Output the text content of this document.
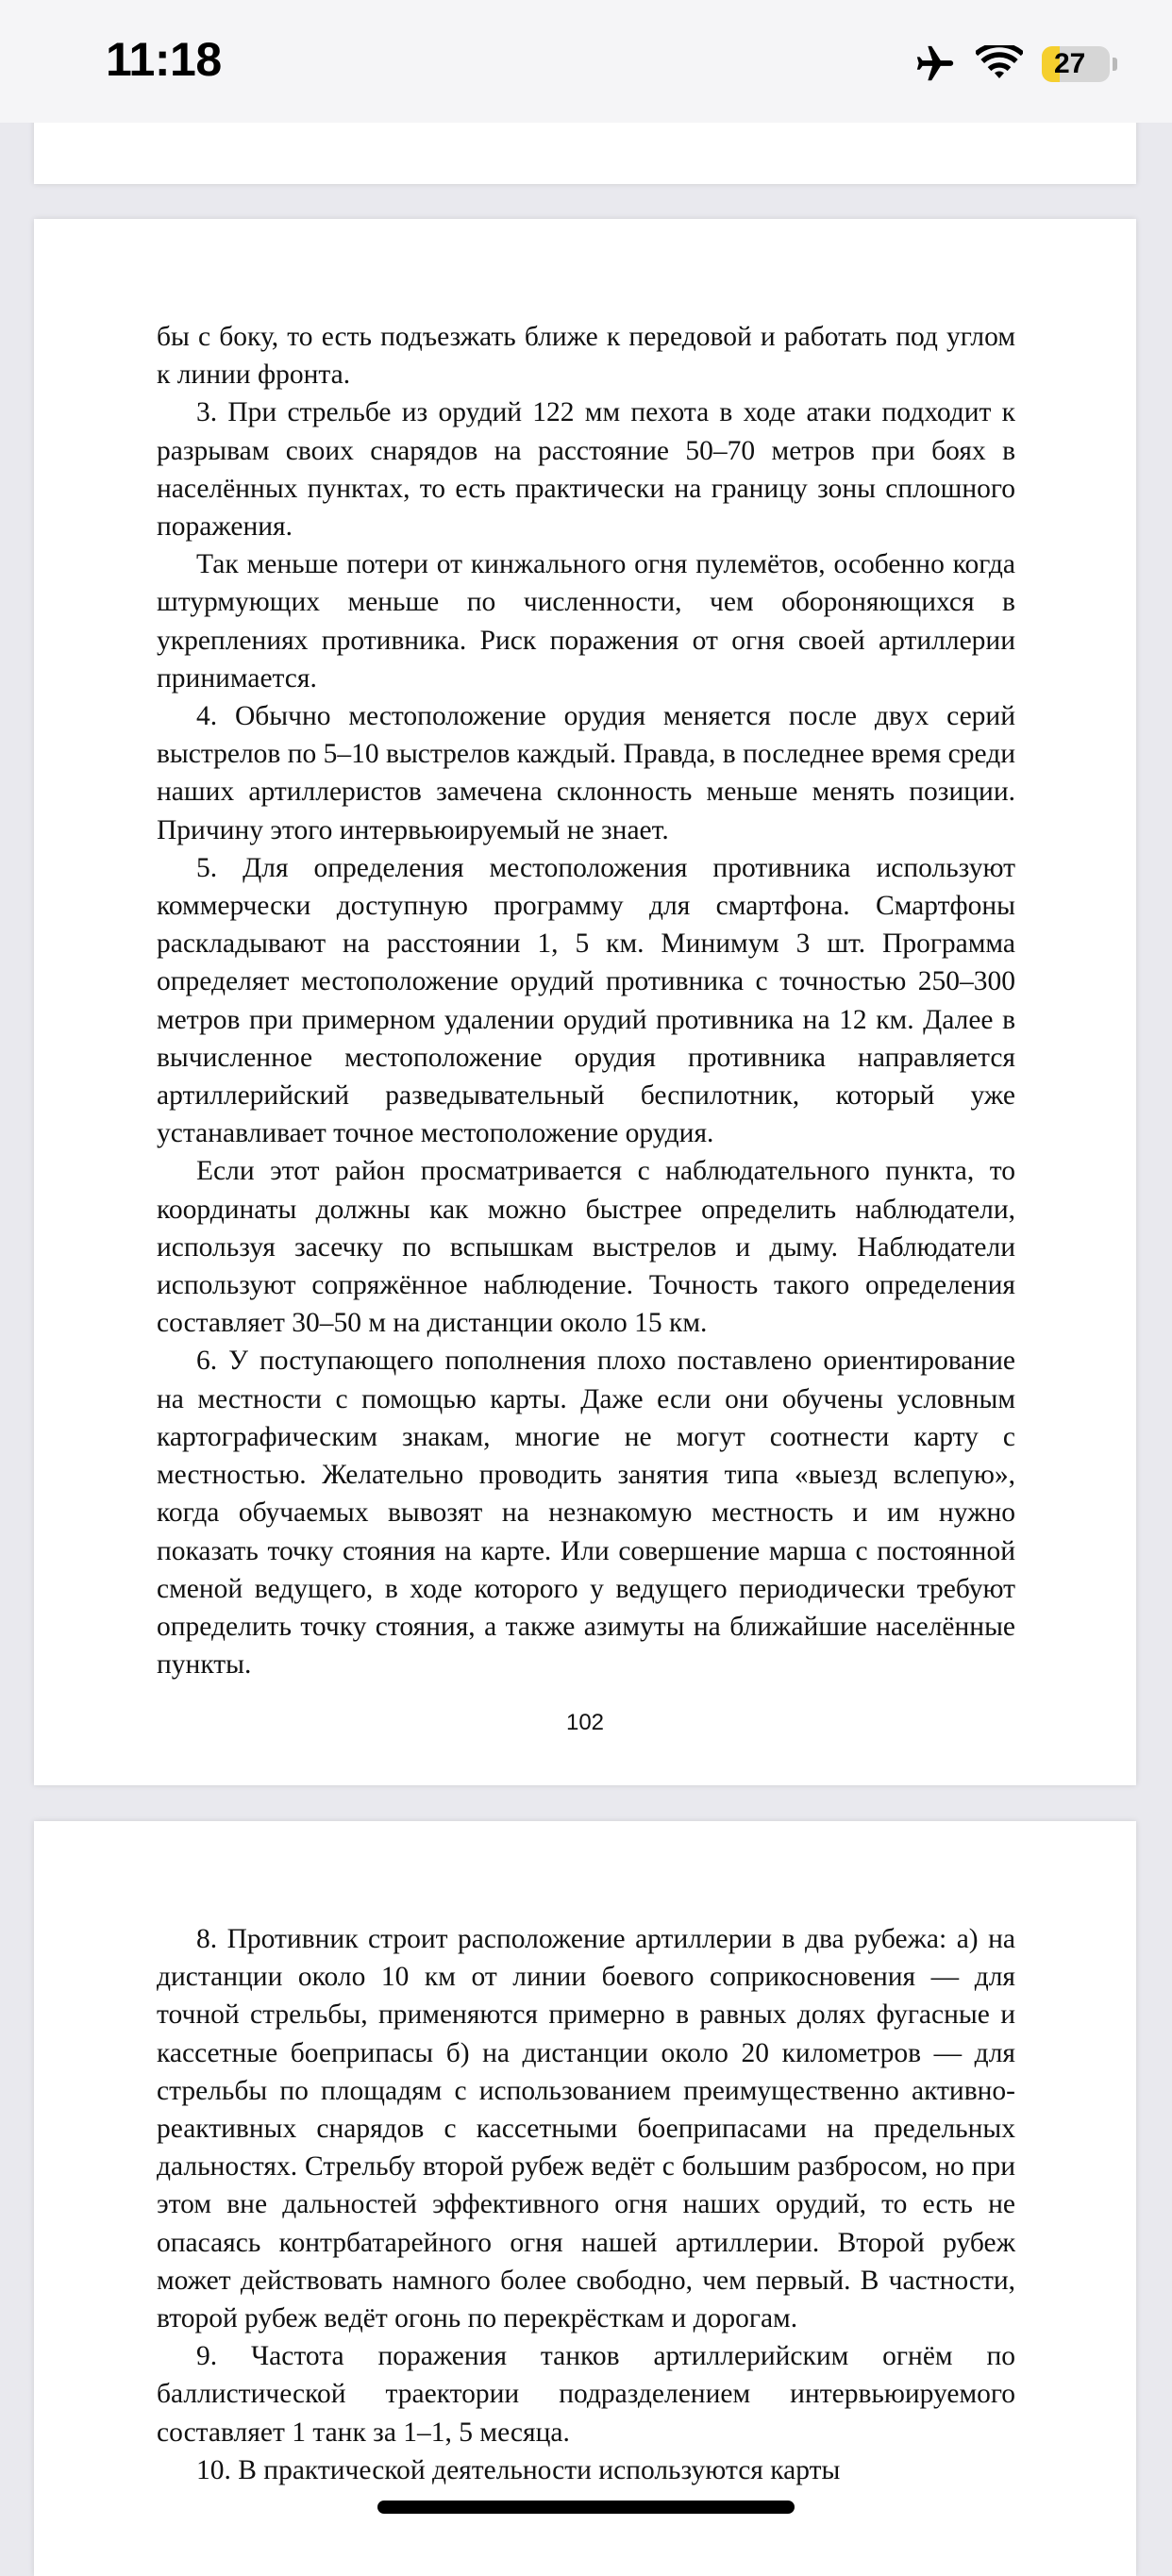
11:18	27

бы с боку, то есть подъезжать ближе к передовой и работать под углом к линии фронта.

3. При стрельбе из орудий 122 мм пехота в ходе атаки подходит к разрывам своих снарядов на расстояние 50–70 метров при боях в населённых пунктах, то есть практически на границу зоны сплошного поражения.

Так меньше потери от кинжального огня пулемётов, особенно когда штурмующих меньше по численности, чем обороняющихся в укреплениях противника. Риск поражения от огня своей артиллерии принимается.

4. Обычно местоположение орудия меняется после двух серий выстрелов по 5–10 выстрелов каждый. Правда, в последнее время среди наших артиллеристов замечена склонность меньше менять позиции. Причину этого интервьюируемый не знает.

5. Для определения местоположения противника используют коммерчески доступную программу для смартфона. Смартфоны раскладывают на расстоянии 1, 5 км. Минимум 3 шт. Программа определяет местоположение орудий противника с точностью 250–300 метров при примерном удалении орудий противника на 12 км. Далее в вычисленное местоположение орудия противника направляется артиллерийский разведывательный беспилотник, который уже устанавливает точное местоположение орудия.

Если этот район просматривается с наблюдательного пункта, то координаты должны как можно быстрее определить наблюдатели, используя засечку по вспышкам выстрелов и дыму. Наблюдатели используют сопряжённое наблюдение. Точность такого определения составляет 30–50 м на дистанции около 15 км.

6. У поступающего пополнения плохо поставлено ориентирование на местности с помощью карты. Даже если они обучены условным картографическим знакам, многие не могут соотнести карту с местностью. Желательно проводить занятия типа «выезд вслепую», когда обучаемых вывозят на незнакомую местность и им нужно показать точку стояния на карте. Или совершение марша с постоянной сменой ведущего, в ходе которого у ведущего периодически требуют определить точку стояния, а также азимуты на ближайшие населённые пункты.

102

8. Противник строит расположение артиллерии в два рубежа: а) на дистанции около 10 км от линии боевого соприкосновения — для точной стрельбы, применяются примерно в равных долях фугасные и кассетные боеприпасы б) на дистанции около 20 километров — для стрельбы по площадям с использованием преимущественно активно-реактивных снарядов с кассетными боеприпасами на предельных дальностях. Стрельбу второй рубеж ведёт с большим разбросом, но при этом вне дальностей эффективного огня наших орудий, то есть не опасаясь контрбатарейного огня нашей артиллерии. Второй рубеж может действовать намного более свободно, чем первый. В частности, второй рубеж ведёт огонь по перекрёсткам и дорогам.

9. Частота поражения танков артиллерийским огнём по баллистической траектории подразделением интервьюируемого составляет 1 танк за 1–1, 5 месяца.

10. В практической деятельности используются карты
